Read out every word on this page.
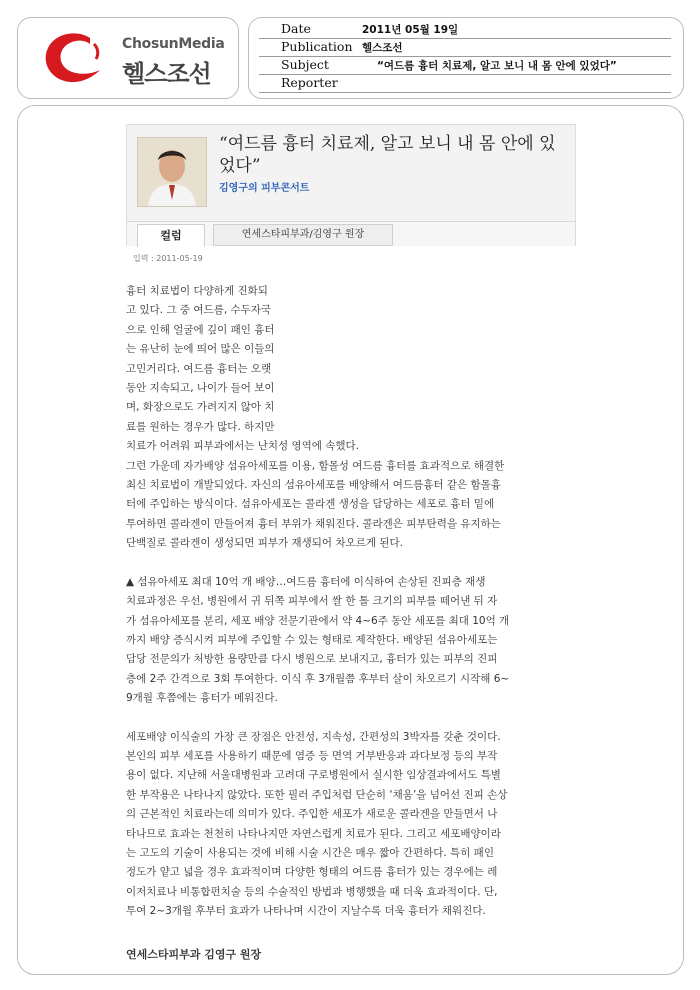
ChosunMedia
헬스조선
Date	2011년 05월 19일
Publication 헬스조선
Subject	“여드름 흉터 치료제, 알고 보니 내 몸 안에 있었다”
Reporter
“여드름 흉터 치료제, 알고 보니 내 몸 안에 있었다”
김영구의 피부콘서트
컬럼	연세스타피부과/김영구 원장
입력 : 2011-05-19

흉터 치료법이 다양하게 진화되

고 있다. 그 중 여드름, 수두자국

으로 인해 얼굴에 깊이 패인 흉터

는 유난히 눈에 띄어 많은 이들의

고민거리다. 여드름 흉터는 오랫

동안 지속되고, 나이가 들어 보이

며, 화장으로도 가려지지 않아 치

료를 원하는 경우가 많다. 하지만

치료가 어려워 피부과에서는 난치성 영역에 속했다.

그런 가운데 자가배양 섬유아세포를 이용, 함몰성 여드름 흉터를 효과적으로 해결한

최신 치료법이 개발되었다. 자신의 섬유아세포를 배양해서 여드름흉터 같은 함몰흉

터에 주입하는 방식이다. 섬유아세포는 콜라겐 생성을 담당하는 세포로 흉터 밑에

투여하면 콜라겐이 만들어져 흉터 부위가 채워진다. 콜라겐은 피부탄력을 유지하는

단백질로 콜라겐이 생성되면 피부가 재생되어 차오르게 된다.

▲ 섬유아세포 최대 10억 개 배양…여드름 흉터에 이식하여 손상된 진피층 재생

치료과정은 우선, 병원에서 귀 뒤쪽 피부에서 쌀 한 톨 크기의 피부를 떼어낸 뒤 자

가 섬유아세포를 분리, 세포 배양 전문기관에서 약 4~6주 동안 세포를 최대 10억 개

까지 배양 증식시켜 피부에 주입할 수 있는 형태로 제작한다. 배양된 섬유아세포는

담당 전문의가 처방한 용량만큼 다시 병원으로 보내지고, 흉터가 있는 피부의 진피

층에 2주 간격으로 3회 투여한다. 이식 후 3개월쯤 후부터 살이 차오르기 시작해 6~

9개월 후쯤에는 흉터가 메워진다.

세포배양 이식술의 가장 큰 장점은 안전성, 지속성, 간편성의 3박자를 갖춘 것이다.

본인의 피부 세포를 사용하기 때문에 염증 등 면역 거부반응과 과다보정 등의 부작

용이 없다. 지난해 서울대병원과 고려대 구로병원에서 실시한 임상결과에서도 특별

한 부작용은 나타나지 않았다. 또한 필러 주입처럼 단순히 ‘채움’을 넘어선 진피 손상

의 근본적인 치료라는데 의미가 있다. 주입한 세포가 새로운 콜라겐을 만들면서 나

타나므로 효과는 천천히 나타나지만 자연스럽게 치료가 된다. 그리고 세포배양이라

는 고도의 기술이 사용되는 것에 비해 시술 시간은 매우 짧아 간편하다. 특히 패인

정도가 얕고 넓을 경우 효과적이며 다양한 형태의 여드름 흉터가 있는 경우에는 레

이저치료나 비통합펀치술 등의 수술적인 방법과 병행했을 때 더욱 효과적이다. 단,

투여 2~3개월 후부터 효과가 나타나며 시간이 지날수록 더욱 흉터가 채워진다.

연세스타피부과 김영구 원장
